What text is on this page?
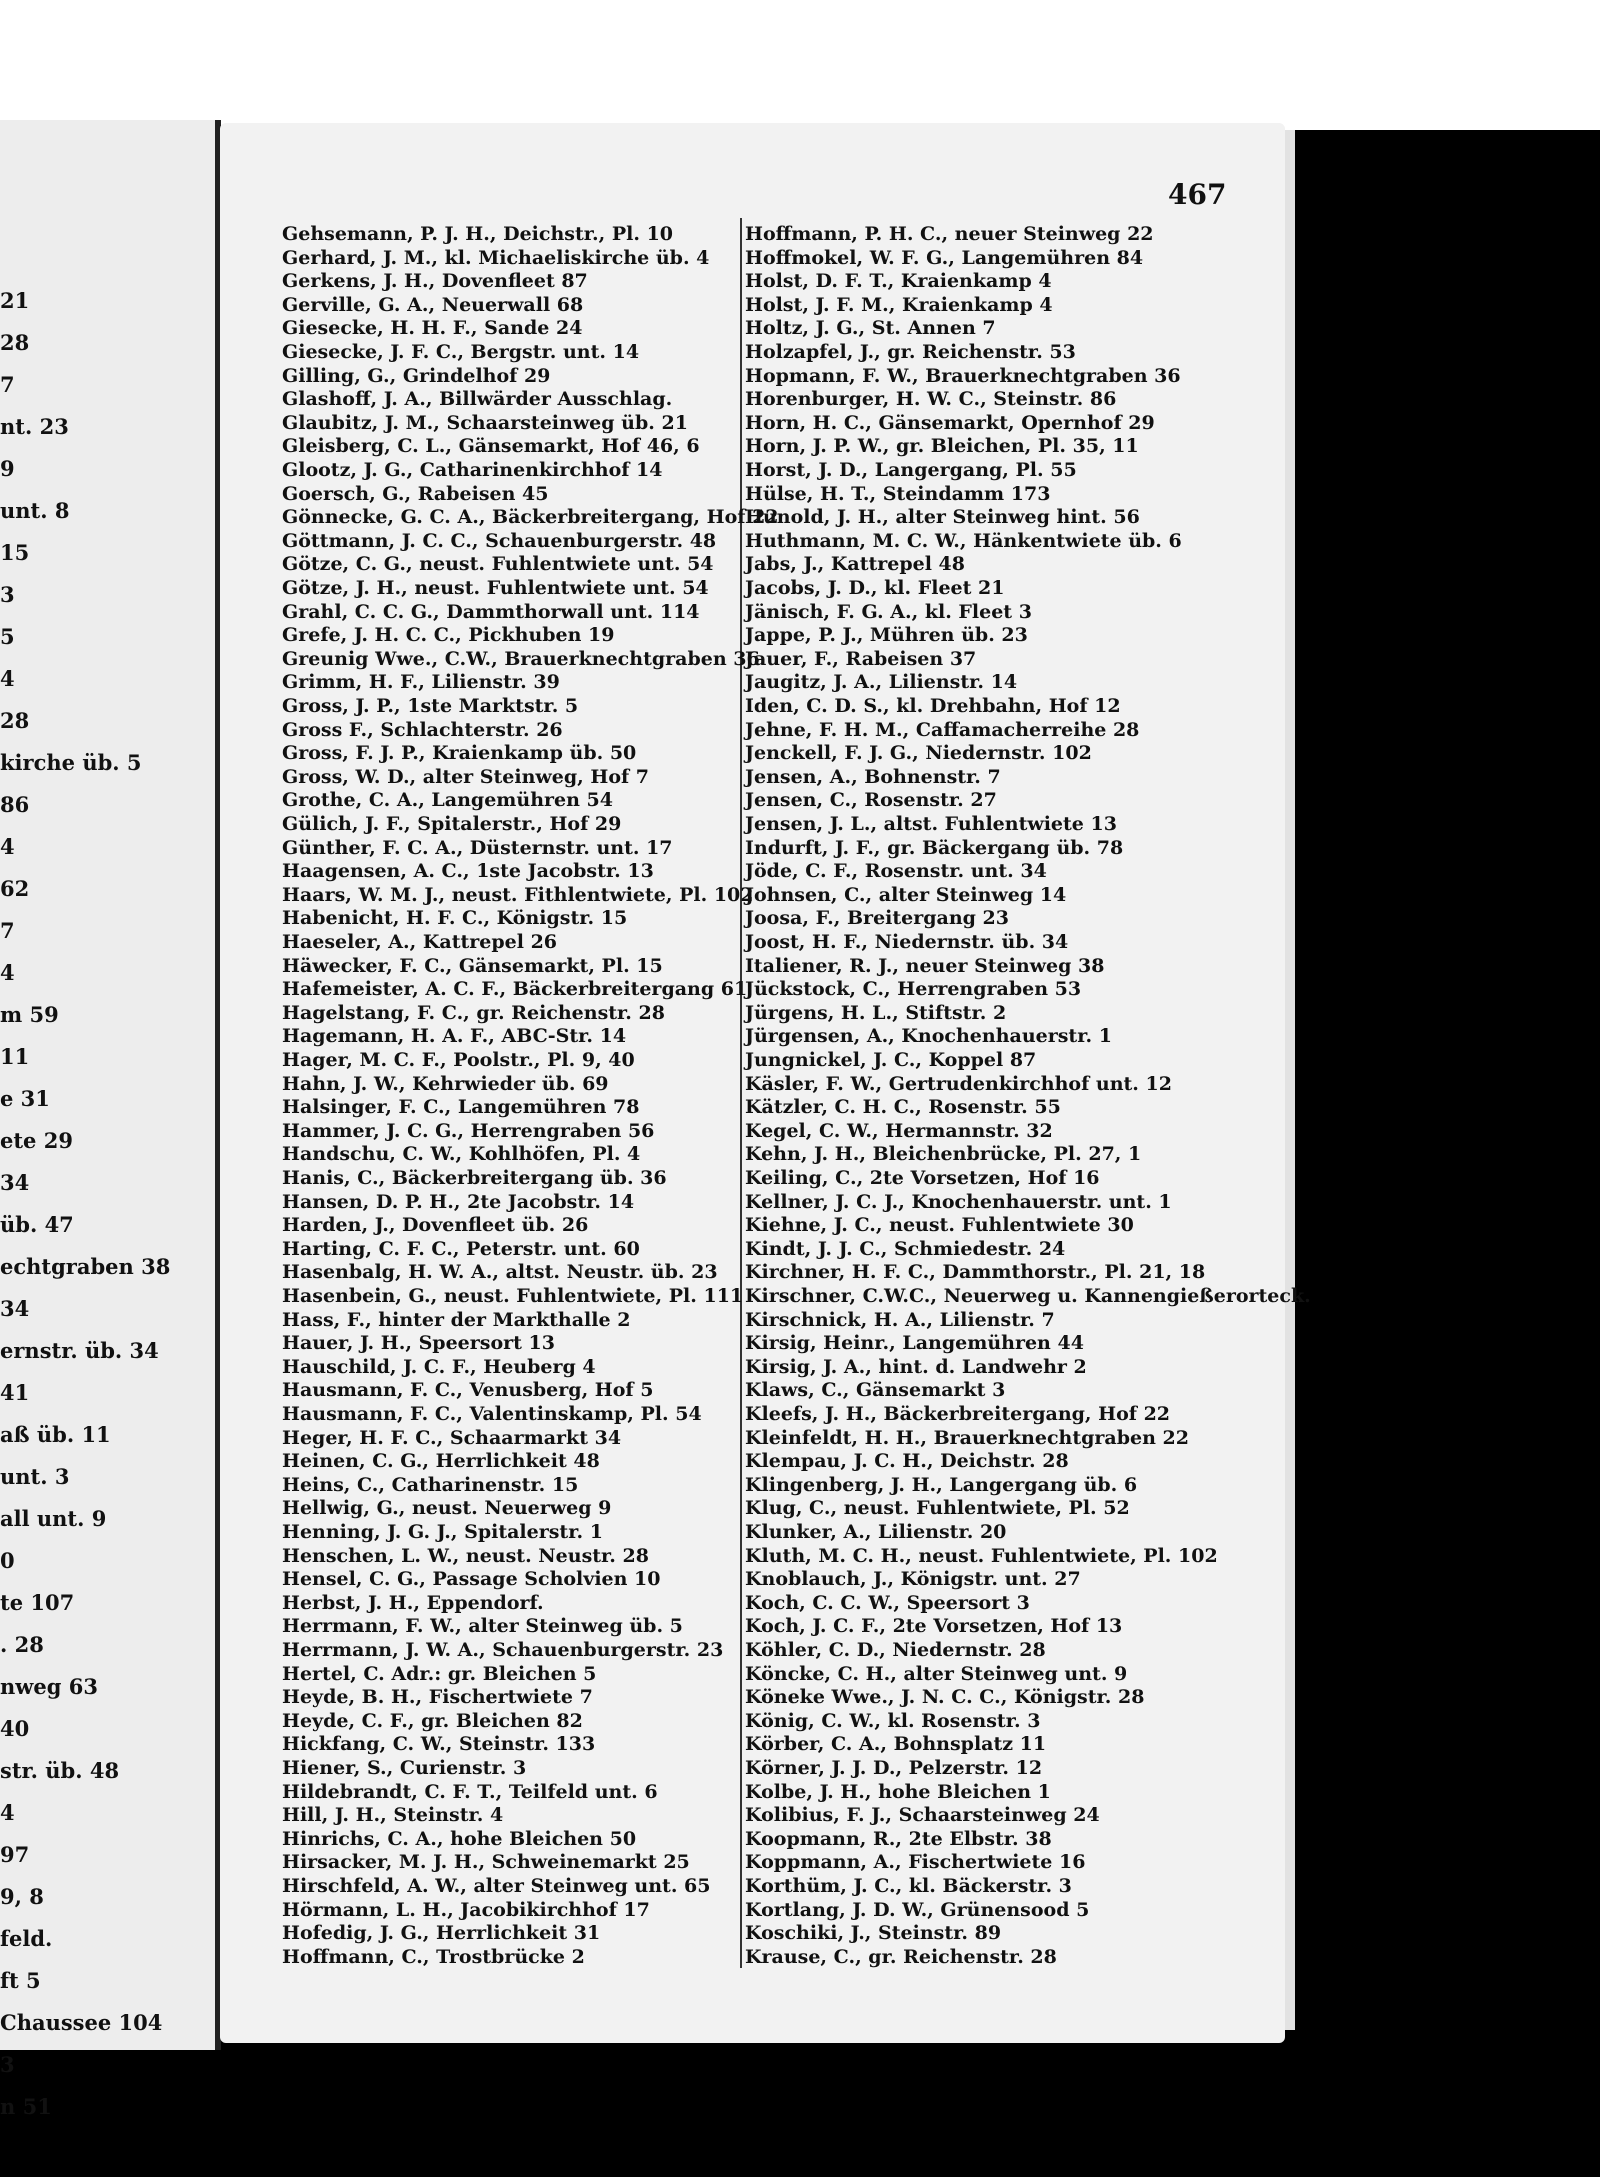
21
28
7
nt. 23
9
unt. 8
15
3
5
4
28
kirche üb. 5
86
4
62
7
4
m 59
11
e 31
ete 29
34
üb. 47
echtgraben 38
34
ernstr. üb. 34
41
aß üb. 11
unt. 3
all unt. 9
0
te 107
. 28
nweg 63
40
str. üb. 48
4
97
9, 8
feld.
ft 5
Chaussee 104
3
n 51
467
Gehsemann, P. J. H., Deichstr., Pl. 10
Gerhard, J. M., kl. Michaeliskirche üb. 4
Gerkens, J. H., Dovenfleet 87
Gerville, G. A., Neuerwall 68
Giesecke, H. H. F., Sande 24
Giesecke, J. F. C., Bergstr. unt. 14
Gilling, G., Grindelhof 29
Glashoff, J. A., Billwärder Ausschlag.
Glaubitz, J. M., Schaarsteinweg üb. 21
Gleisberg, C. L., Gänsemarkt, Hof 46, 6
Glootz, J. G., Catharinenkirchhof 14
Goersch, G., Rabeisen 45
Gönnecke, G. C. A., Bäckerbreitergang, Hof 22
Göttmann, J. C. C., Schauenburgerstr. 48
Götze, C. G., neust. Fuhlentwiete unt. 54
Götze, J. H., neust. Fuhlentwiete unt. 54
Grahl, C. C. G., Dammthorwall unt. 114
Grefe, J. H. C. C., Pickhuben 19
Greunig Wwe., C.W., Brauerknechtgraben 36
Grimm, H. F., Lilienstr. 39
Gross, J. P., 1ste Marktstr. 5
Gross F., Schlachterstr. 26
Gross, F. J. P., Kraienkamp üb. 50
Gross, W. D., alter Steinweg, Hof 7
Grothe, C. A., Langemühren 54
Gülich, J. F., Spitalerstr., Hof 29
Günther, F. C. A., Düsternstr. unt. 17
Haagensen, A. C., 1ste Jacobstr. 13
Haars, W. M. J., neust. Fithlentwiete, Pl. 102
Habenicht, H. F. C., Königstr. 15
Haeseler, A., Kattrepel 26
Häwecker, F. C., Gänsemarkt, Pl. 15
Hafemeister, A. C. F., Bäckerbreitergang 61
Hagelstang, F. C., gr. Reichenstr. 28
Hagemann, H. A. F., ABC-Str. 14
Hager, M. C. F., Poolstr., Pl. 9, 40
Hahn, J. W., Kehrwieder üb. 69
Halsinger, F. C., Langemühren 78
Hammer, J. C. G., Herrengraben 56
Handschu, C. W., Kohlhöfen, Pl. 4
Hanis, C., Bäckerbreitergang üb. 36
Hansen, D. P. H., 2te Jacobstr. 14
Harden, J., Dovenfleet üb. 26
Harting, C. F. C., Peterstr. unt. 60
Hasenbalg, H. W. A., altst. Neustr. üb. 23
Hasenbein, G., neust. Fuhlentwiete, Pl. 111
Hass, F., hinter der Markthalle 2
Hauer, J. H., Speersort 13
Hauschild, J. C. F., Heuberg 4
Hausmann, F. C., Venusberg, Hof 5
Hausmann, F. C., Valentinskamp, Pl. 54
Heger, H. F. C., Schaarmarkt 34
Heinen, C. G., Herrlichkeit 48
Heins, C., Catharinenstr. 15
Hellwig, G., neust. Neuerweg 9
Henning, J. G. J., Spitalerstr. 1
Henschen, L. W., neust. Neustr. 28
Hensel, C. G., Passage Scholvien 10
Herbst, J. H., Eppendorf.
Herrmann, F. W., alter Steinweg üb. 5
Herrmann, J. W. A., Schauenburgerstr. 23
Hertel, C. Adr.: gr. Bleichen 5
Heyde, B. H., Fischertwiete 7
Heyde, C. F., gr. Bleichen 82
Hickfang, C. W., Steinstr. 133
Hiener, S., Curienstr. 3
Hildebrandt, C. F. T., Teilfeld unt. 6
Hill, J. H., Steinstr. 4
Hinrichs, C. A., hohe Bleichen 50
Hirsacker, M. J. H., Schweinemarkt 25
Hirschfeld, A. W., alter Steinweg unt. 65
Hörmann, L. H., Jacobikirchhof 17
Hofedig, J. G., Herrlichkeit 31
Hoffmann, C., Trostbrücke 2
Hoffmann, P. H. C., neuer Steinweg 22
Hoffmokel, W. F. G., Langemühren 84
Holst, D. F. T., Kraienkamp 4
Holst, J. F. M., Kraienkamp 4
Holtz, J. G., St. Annen 7
Holzapfel, J., gr. Reichenstr. 53
Hopmann, F. W., Brauerknechtgraben 36
Horenburger, H. W. C., Steinstr. 86
Horn, H. C., Gänsemarkt, Opernhof 29
Horn, J. P. W., gr. Bleichen, Pl. 35, 11
Horst, J. D., Langergang, Pl. 55
Hülse, H. T., Steindamm 173
Hunold, J. H., alter Steinweg hint. 56
Huthmann, M. C. W., Hänkentwiete üb. 6
Jabs, J., Kattrepel 48
Jacobs, J. D., kl. Fleet 21
Jänisch, F. G. A., kl. Fleet 3
Jappe, P. J., Mühren üb. 23
Jauer, F., Rabeisen 37
Jaugitz, J. A., Lilienstr. 14
Iden, C. D. S., kl. Drehbahn, Hof 12
Jehne, F. H. M., Caffamacherreihe 28
Jenckell, F. J. G., Niedernstr. 102
Jensen, A., Bohnenstr. 7
Jensen, C., Rosenstr. 27
Jensen, J. L., altst. Fuhlentwiete 13
Indurft, J. F., gr. Bäckergang üb. 78
Jöde, C. F., Rosenstr. unt. 34
Johnsen, C., alter Steinweg 14
Joosa, F., Breitergang 23
Joost, H. F., Niedernstr. üb. 34
Italiener, R. J., neuer Steinweg 38
Jückstock, C., Herrengraben 53
Jürgens, H. L., Stiftstr. 2
Jürgensen, A., Knochenhauerstr. 1
Jungnickel, J. C., Koppel 87
Käsler, F. W., Gertrudenkirchhof unt. 12
Kätzler, C. H. C., Rosenstr. 55
Kegel, C. W., Hermannstr. 32
Kehn, J. H., Bleichenbrücke, Pl. 27, 1
Keiling, C., 2te Vorsetzen, Hof 16
Kellner, J. C. J., Knochenhauerstr. unt. 1
Kiehne, J. C., neust. Fuhlentwiete 30
Kindt, J. J. C., Schmiedestr. 24
Kirchner, H. F. C., Dammthorstr., Pl. 21, 18
Kirschner, C.W.C., Neuerweg u. Kannengießerorteck.
Kirschnick, H. A., Lilienstr. 7
Kirsig, Heinr., Langemühren 44
Kirsig, J. A., hint. d. Landwehr 2
Klaws, C., Gänsemarkt 3
Kleefs, J. H., Bäckerbreitergang, Hof 22
Kleinfeldt, H. H., Brauerknechtgraben 22
Klempau, J. C. H., Deichstr. 28
Klingenberg, J. H., Langergang üb. 6
Klug, C., neust. Fuhlentwiete, Pl. 52
Klunker, A., Lilienstr. 20
Kluth, M. C. H., neust. Fuhlentwiete, Pl. 102
Knoblauch, J., Königstr. unt. 27
Koch, C. C. W., Speersort 3
Koch, J. C. F., 2te Vorsetzen, Hof 13
Köhler, C. D., Niedernstr. 28
Köncke, C. H., alter Steinweg unt. 9
Köneke Wwe., J. N. C. C., Königstr. 28
König, C. W., kl. Rosenstr. 3
Körber, C. A., Bohnsplatz 11
Körner, J. J. D., Pelzerstr. 12
Kolbe, J. H., hohe Bleichen 1
Kolibius, F. J., Schaarsteinweg 24
Koopmann, R., 2te Elbstr. 38
Koppmann, A., Fischertwiete 16
Korthüm, J. C., kl. Bäckerstr. 3
Kortlang, J. D. W., Grünensood 5
Koschiki, J., Steinstr. 89
Krause, C., gr. Reichenstr. 28
